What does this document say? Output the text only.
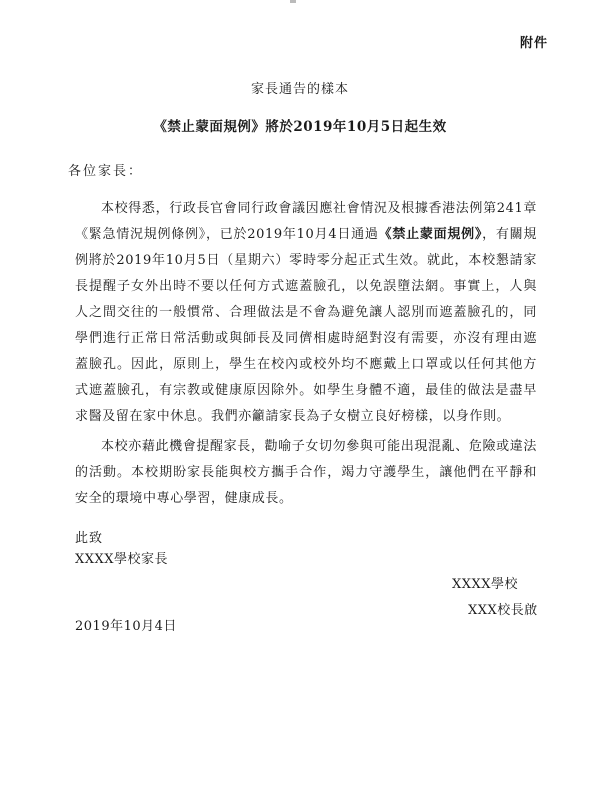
附件
家長通告的樣本
《禁止蒙面規例》將於2019年10月5日起生效
各位家長：
本校得悉，行政長官會同行政會議因應社會情況及根據香港法例第241章《緊急情況規例條例》，已於2019年10月4日通過《禁止蒙面規例》，有關規例將於2019年10月5日（星期六）零時零分起正式生效。就此，本校懇請家長提醒子女外出時不要以任何方式遮蓋臉孔，以免誤墮法網。事實上，人與人之間交往的一般慣常、合理做法是不會為避免讓人認別而遮蓋臉孔的，同學們進行正常日常活動或與師長及同儕相處時絕對沒有需要，亦沒有理由遮蓋臉孔。因此，原則上，學生在校內或校外均不應戴上口罩或以任何其他方式遮蓋臉孔，有宗教或健康原因除外。如學生身體不適，最佳的做法是盡早求醫及留在家中休息。我們亦籲請家長為子女樹立良好榜樣，以身作則。
本校亦藉此機會提醒家長，勸喻子女切勿參與可能出現混亂、危險或違法的活動。本校期盼家長能與校方攜手合作，竭力守護學生，讓他們在平靜和安全的環境中專心學習，健康成長。
此致
XXXX學校家長
XXXX學校
XXX校長啟
2019年10月4日
